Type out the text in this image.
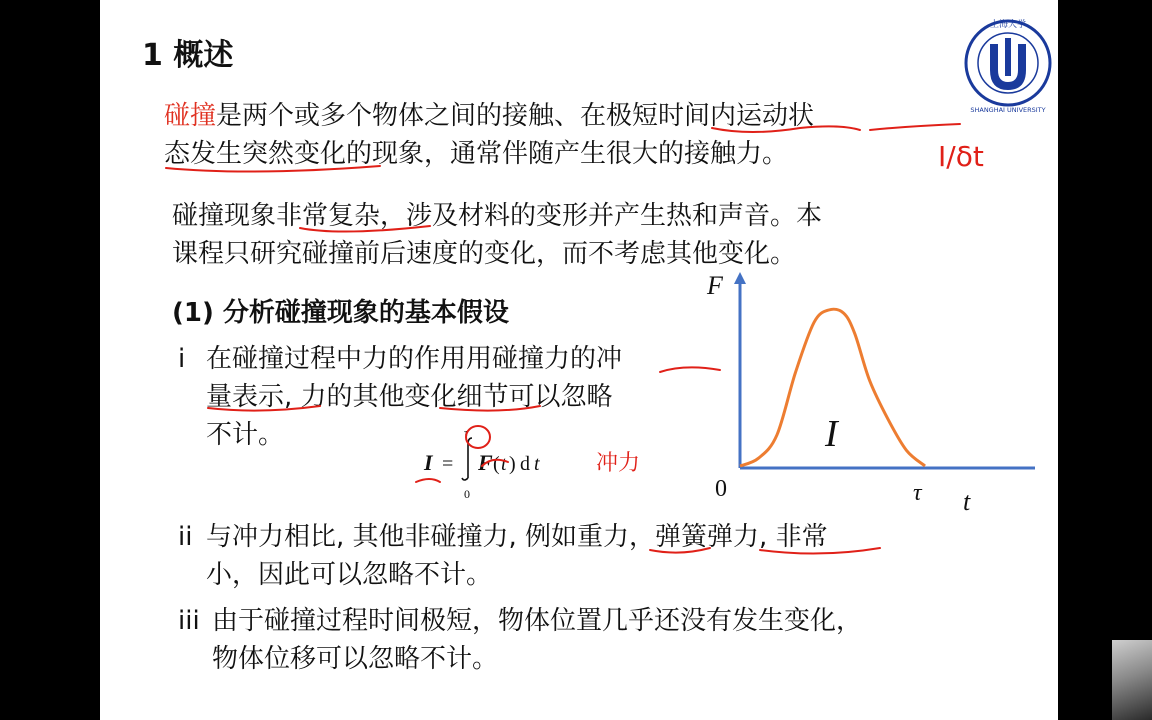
上海大学
SHANGHAI UNIVERSITY
1 概述
碰撞是两个或多个物体之间的接触、在极短时间内运动状
态发生突然变化的现象，通常伴随产生很大的接触力。
碰撞现象非常复杂，涉及材料的变形并产生热和声音。本
课程只研究碰撞前后速度的变化，而不考虑其他变化。
(1) 分析碰撞现象的基本假设
i 在碰撞过程中力的作用用碰撞力的冲
量表示, 力的其他变化细节可以忽略
不计。
I =
τ
0
F ( t ) d t
F
t
0	τ
I
ii 与冲力相比, 其他非碰撞力, 例如重力，弹簧弹力, 非常
小，因此可以忽略不计。
iii 由于碰撞过程时间极短，物体位置几乎还没有发生变化，
物体位移可以忽略不计。
I/δt
冲力
